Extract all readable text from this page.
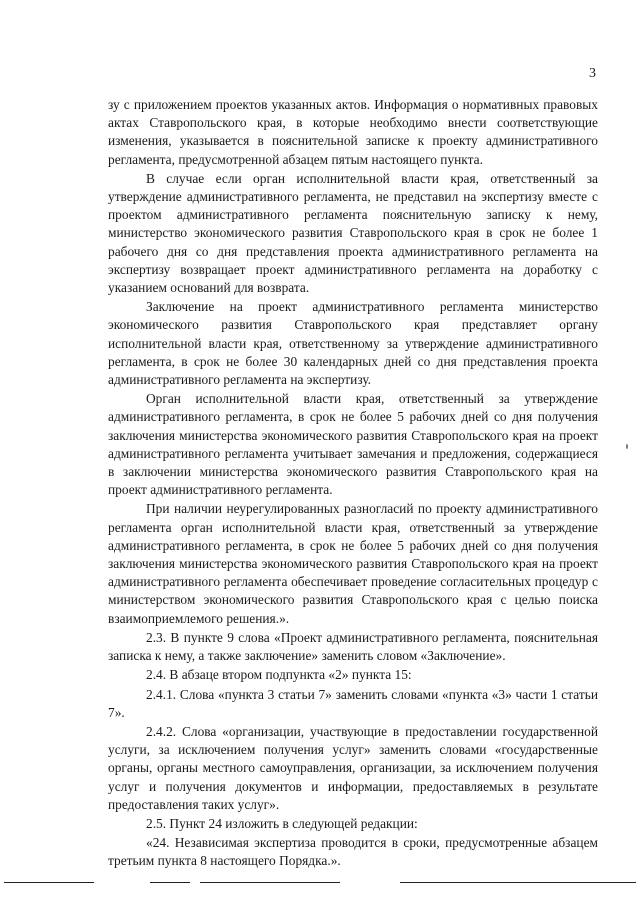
3

зу с приложением проектов указанных актов. Информация о нормативных правовых актах Ставропольского края, в которые необходимо внести соответствующие изменения, указывается в пояснительной записке к проекту административного регламента, предусмотренной абзацем пятым настоящего пункта.

В случае если орган исполнительной власти края, ответственный за утверждение административного регламента, не представил на экспертизу вместе с проектом административного регламента пояснительную записку к нему, министерство экономического развития Ставропольского края в срок не более 1 рабочего дня со дня представления проекта административного регламента на экспертизу возвращает проект административного регламента на доработку с указанием оснований для возврата.

Заключение на проект административного регламента министерство экономического развития Ставропольского края представляет органу исполнительной власти края, ответственному за утверждение административного регламента, в срок не более 30 календарных дней со дня представления проекта административного регламента на экспертизу.

Орган исполнительной власти края, ответственный за утверждение административного регламента, в срок не более 5 рабочих дней со дня получения заключения министерства экономического развития Ставропольского края на проект административного регламента учитывает замечания и предложения, содержащиеся в заключении министерства экономического развития Ставропольского края на проект административного регламента.

При наличии неурегулированных разногласий по проекту административного регламента орган исполнительной власти края, ответственный за утверждение административного регламента, в срок не более 5 рабочих дней со дня получения заключения министерства экономического развития Ставропольского края на проект административного регламента обеспечивает проведение согласительных процедур с министерством экономического развития Ставропольского края с целью поиска взаимоприемлемого решения.».

2.3. В пункте 9 слова «Проект административного регламента, пояснительная записка к нему, а также заключение» заменить словом «Заключение».

2.4. В абзаце втором подпункта «2» пункта 15:

2.4.1. Слова «пункта 3 статьи 7» заменить словами «пункта «3» части 1 статьи 7».

2.4.2. Слова «организации, участвующие в предоставлении государственной услуги, за исключением получения услуг» заменить словами «государственные органы, органы местного самоуправления, организации, за исключением получения услуг и получения документов и информации, предоставляемых в результате предоставления таких услуг».

2.5. Пункт 24 изложить в следующей редакции:

«24. Независимая экспертиза проводится в сроки, предусмотренные абзацем третьим пункта 8 настоящего Порядка.».
